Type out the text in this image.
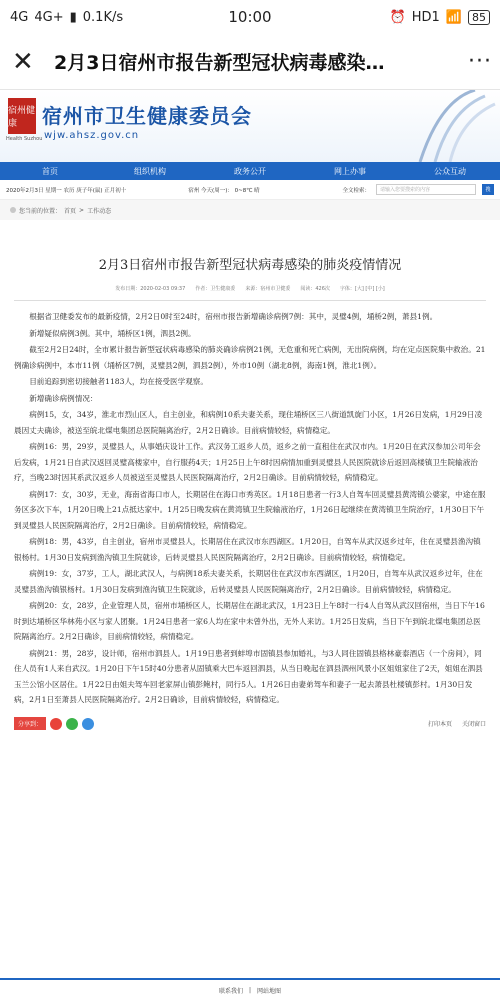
4G 4G+ ▮ 0.1K/s	10:00	⏰ HD1 📶 85
✕	2月3日宿州市报告新型冠状病毒感染…	···
宿州健康
Health Suzhou
宿州市卫生健康委员会
wjw.ahsz.gov.cn
首页	组织机构	政务公开	网上办事	公众互动
2020年2月3日 星期一 农历 庚子年(鼠) 正月初十	宿州 今天(周一)： 0~8℃ 晴	全文检索：	请输入您要搜索的内容	搜
您当前的位置： 首页 > 工作动态
2月3日宿州市报告新型冠状病毒感染的肺炎疫情情况
发布日期：2020-02-03 09:37 作者：卫生健康委 来源：宿州市卫健委 阅读：426次 字体：[大] [中] [小]

根据省卫健委发布的最新疫情，2月2日0时至24时，宿州市报告新增确诊病例7例：其中，灵璧4例，埇桥2例，萧县1例。

新增疑似病例3例。其中，埇桥区1例，泗县2例。

截至2月2日24时，全市累计报告新型冠状病毒感染的肺炎确诊病例21例，无危重和死亡病例，无出院病例，均在定点医院集中救治。21例确诊病例中，本市11例（埇桥区7例，灵璧县2例，泗县2例），外市10例（湖北8例，海南1例，淮北1例）。

目前追踪到密切接触者1183人，均在接受医学观察。

新增确诊病例情况：

病例15，女，34岁，淮北市烈山区人，自主创业，和病例10系夫妻关系，现住埇桥区三八街道凯旋门小区，1月26日发病，1月29日凌晨因丈夫确诊，被送至皖北煤电集团总医院隔离治疗，2月2日确诊。目前病情较轻，病情稳定。

病例16：男，29岁，灵璧县人，从事婚庆设计工作。武汉务工返乡人员，返乡之前一直租住在武汉市内。1月20日在武汉参加公司年会后发病，1月21日自武汉返回灵璧高楼家中，自行服药4天；1月25日上午8时因病情加重到灵璧县人民医院就诊后返回高楼镇卫生院输液治疗，当晚23时因其系武汉返乡人员被送至灵璧县人民医院隔离治疗，2月2日确诊。目前病情较轻，病情稳定。

病例17：女，30岁，无业，海南省海口市人，长期居住在海口市秀英区。1月18日患者一行3人自驾车回灵璧县黄湾镇公婆家，中途在服务区多次下车，1月20日晚上21点抵达家中。1月25日晚发病在黄湾镇卫生院输液治疗，1月26日起继续在黄湾镇卫生院治疗，1月30日下午到灵璧县人民医院隔离治疗，2月2日确诊。目前病情较轻，病情稳定。

病例18：男，43岁，自主创业，宿州市灵璧县人，长期居住在武汉市东西湖区。1月20日，自驾车从武汉返乡过年，住在灵璧县渔沟镇银杨村。1月30日发病到渔沟镇卫生院就诊，后转灵璧县人民医院隔离治疗，2月2日确诊。目前病情较轻，病情稳定。

病例19：女，37岁，工人，湖北武汉人，与病例18系夫妻关系，长期居住在武汉市东西湖区，1月20日，自驾车从武汉返乡过年，住在灵璧县渔沟镇银杨村。1月30日发病到渔沟镇卫生院就诊，后转灵璧县人民医院隔离治疗，2月2日确诊。目前病情较轻，病情稳定。

病例20：女，28岁，企业管理人员，宿州市埇桥区人，长期居住在湖北武汉，1月23日上午8时一行4人自驾从武汉回宿州，当日下午16时到达埇桥区华林苑小区与家人团聚。1月24日患者一家6人均在家中未曾外出，无外人来访。1月25日发病，当日下午到皖北煤电集团总医院隔离治疗。2月2日确诊，目前病情较轻，病情稳定。

病例21：男，28岁，设计师，宿州市泗县人。1月19日患者到蚌埠市固镇县参加婚礼，与3人同住固镇县格林豪泰酒店（一个房间），同住人员有1人来自武汉。1月20日下午15时40分患者从固镇乘大巴车返回泗县，从当日晚起在泗县泗州风景小区姐姐家住了2天，姐姐在泗县玉兰公馆小区居住。1月22日由姐夫驾车回老家屏山镇彭鲍村，同行5人。1月26日由妻弟驾车和妻子一起去萧县杜楼镇彭村。1月30日发病，2月1日至萧县人民医院隔离治疗。2月2日确诊，目前病情较轻，病情稳定。

分享到：	打印本页 关闭窗口
联系我们 | 网站地图
